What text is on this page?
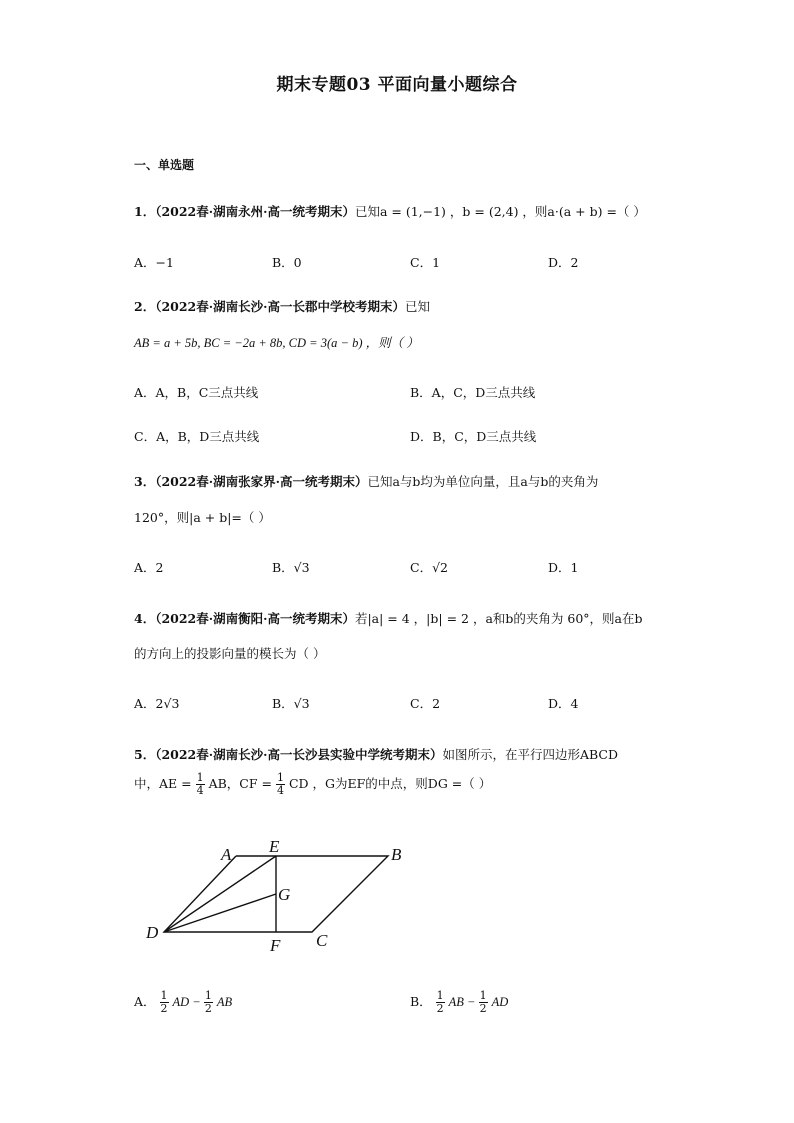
期末专题03 平面向量小题综合
一、单选题
1．（2022春·湖南永州·高一统考期末）已知a = (1,−1) ，b = (2,4) ，则a·(a + b) =（ ）
A．−1	B．0	C．1	D．2
2．（2022春·湖南长沙·高一长郡中学校考期末）已知
AB = a + 5b, BC = −2a + 8b, CD = 3(a − b) ，则（ ）
A．A，B，C三点共线	B．A，C，D三点共线
C．A，B，D三点共线	D．B，C，D三点共线
3．（2022春·湖南张家界·高一统考期末）已知a与b均为单位向量，且a与b的夹角为
120°，则|a + b|=（ ）
A．2	B．√3	C．√2	D．1
4．（2022春·湖南衡阳·高一统考期末）若|a| = 4 ，|b| = 2 ，a和b的夹角为 60°，则a在b
的方向上的投影向量的模长为（ ）
A．2√3	B．√3	C．2	D．4
5．（2022春·湖南长沙·高一长沙县实验中学统考期末）如图所示，在平行四边形ABCD
中，AE = $\frac{1}{4}$ AB，CF = $\frac{1}{4}$ CD ，G为EF的中点，则DG =（ ）
A E	B
G
D
F C
A． $\frac{1}{2}$ AD − $\frac{1}{2}$ AB	B． $\frac{1}{2}$ AB − $\frac{1}{2}$ AD
